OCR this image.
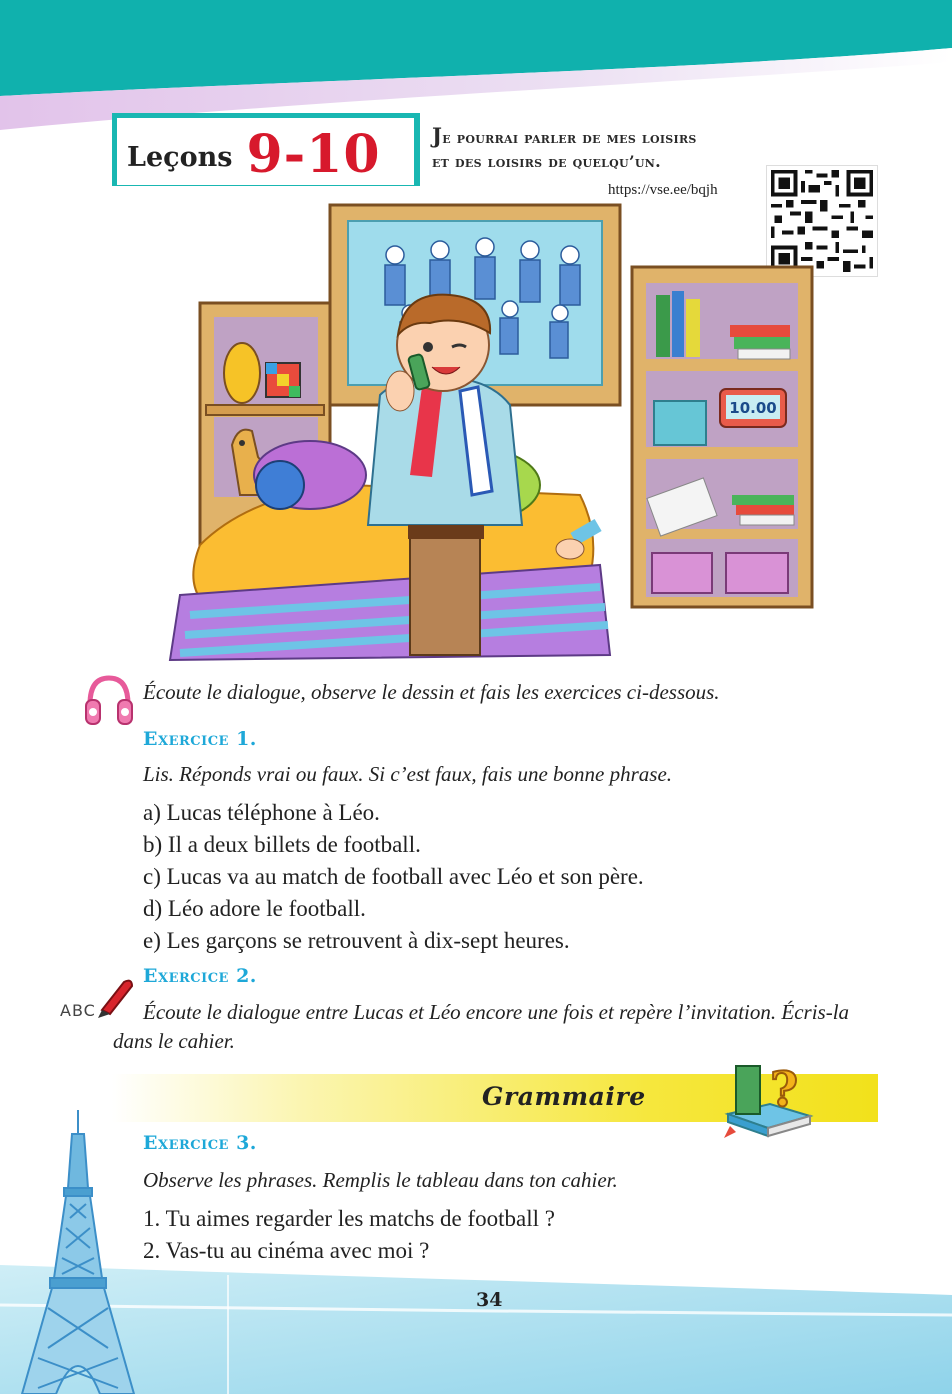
Leçons 9-10 Je pourrai parler de mes loisirs
et des loisirs de quelqu’un.
https://vse.ee/bqjh
10.00
Écoute le dialogue, observe le dessin et fais les exercices ci-dessous.
Exercice 1.
Lis. Réponds vrai ou faux. Si c’est faux, fais une bonne phrase.
a) Lucas téléphone à Léo.
b) Il a deux billets de football.
c) Lucas va au match de football avec Léo et son père.
d) Léo adore le football.
e) Les garçons se retrouvent à dix-sept heures.
Exercice 2.
ABC	Écoute le dialogue entre Lucas et Léo encore une fois et repère l’invitation. Écris-la dans le cahier.
Grammaire	?
Exercice 3.
Observe les phrases. Remplis le tableau dans ton cahier.
1. Tu aimes regarder les matchs de football ?
2. Vas-tu au cinéma avec moi ?
34
